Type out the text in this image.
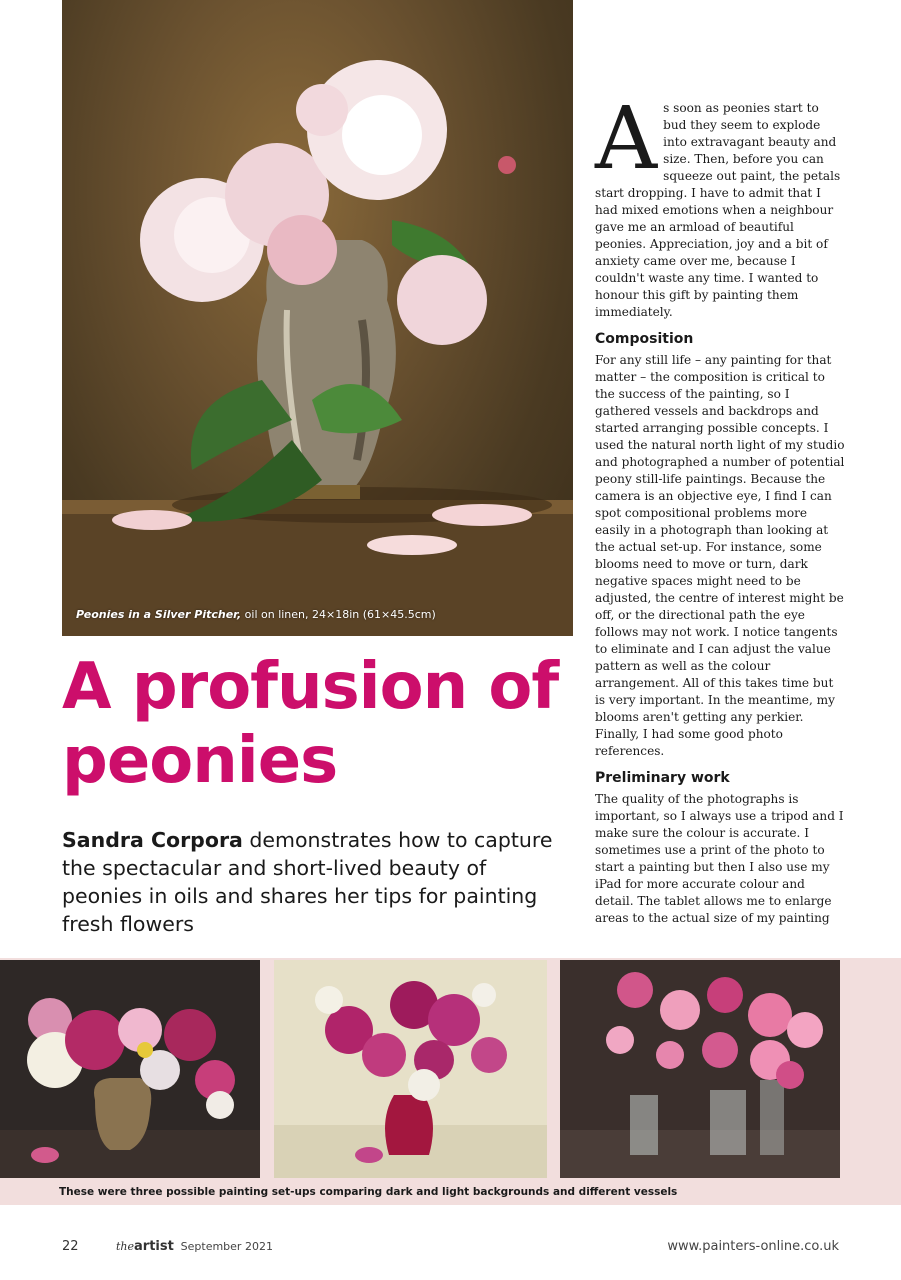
Peonies in a Silver Pitcher, oil on linen, 24×18in (61×45.5cm)
A profusion of
peonies
Sandra Corpora demonstrates how to capture the spectacular and short-lived beauty of peonies in oils and shares her tips for painting fresh flowers

As soon as peonies start to bud they seem to explode into extravagant beauty and size. Then, before you can squeeze out paint, the petals start dropping. I have to admit that I had mixed emotions when a neighbour gave me an armload of beautiful peonies. Appreciation, joy and a bit of anxiety came over me, because I couldn't waste any time. I wanted to honour this gift by painting them immediately.

Composition

For any still life – any painting for that matter – the composition is critical to the success of the painting, so I gathered vessels and backdrops and started arranging possible concepts. I used the natural north light of my studio and photographed a number of potential peony still-life paintings. Because the camera is an objective eye, I find I can spot compositional problems more easily in a photograph than looking at the actual set-up. For instance, some blooms need to move or turn, dark negative spaces might need to be adjusted, the centre of interest might be off, or the directional path the eye follows may not work. I notice tangents to eliminate and I can adjust the value pattern as well as the colour arrangement. All of this takes time but is very important. In the meantime, my blooms aren't getting any perkier. Finally, I had some good photo references.

Preliminary work

The quality of the photographs is important, so I always use a tripod and I make sure the colour is accurate. I sometimes use a print of the photo to start a painting but then I also use my iPad for more accurate colour and detail. The tablet allows me to enlarge areas to the actual size of my painting

These were three possible painting set-ups comparing dark and light backgrounds and different vessels
22	theartist September 2021	www.painters-online.co.uk
